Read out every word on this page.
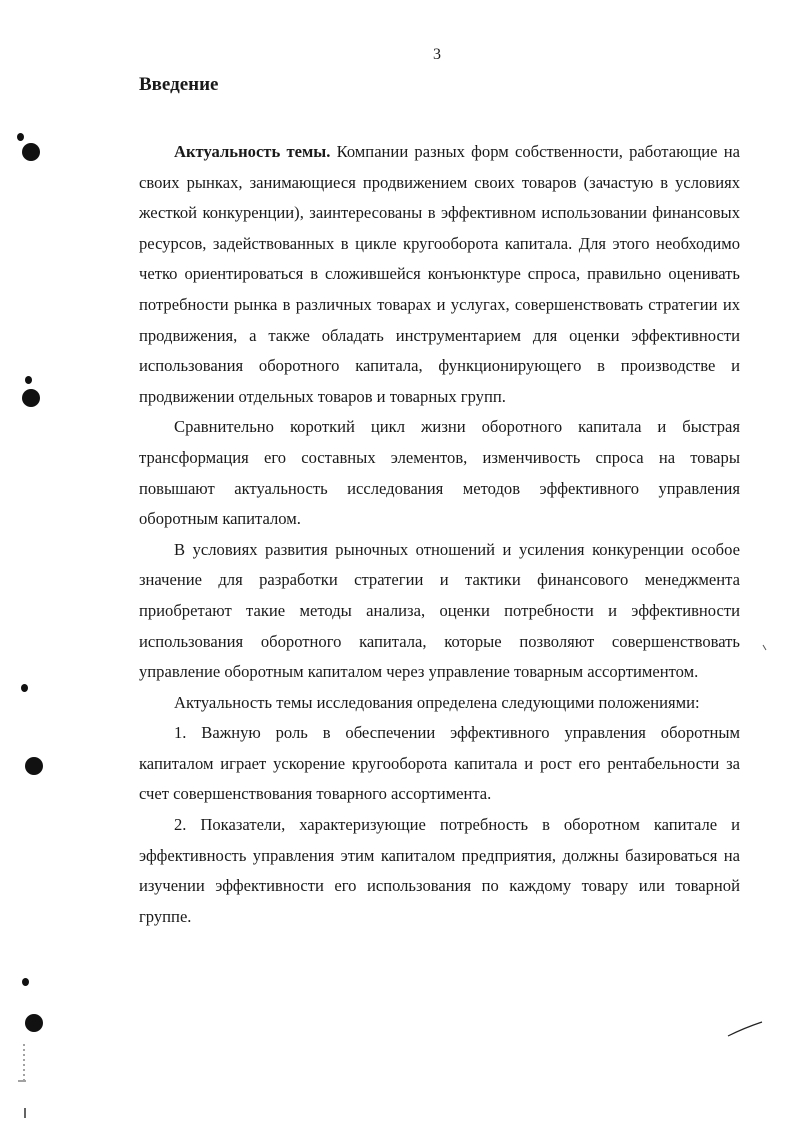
3
Введение

Актуальность темы. Компании разных форм собственности, работающие на своих рынках, занимающиеся продвижением своих товаров (зачастую в условиях жесткой конкуренции), заинтересованы в эффективном использовании финансовых ресурсов, задействованных в цикле кругооборота капитала. Для этого необходимо четко ориентироваться в сложившейся конъюнктуре спроса, правильно оценивать потребности рынка в различных товарах и услугах, совершенствовать стратегии их продвижения, а также обладать инструментарием для оценки эффективности использования оборотного капитала, функционирующего в производстве и продвижении отдельных товаров и товарных групп.

Сравнительно короткий цикл жизни оборотного капитала и быстрая трансформация его составных элементов, изменчивость спроса на товары повышают актуальность исследования методов эффективного управления оборотным капиталом.

В условиях развития рыночных отношений и усиления конкуренции особое значение для разработки стратегии и тактики финансового менеджмента приобретают такие методы анализа, оценки потребности и эффективности использования оборотного капитала, которые позволяют совершенствовать управление оборотным капиталом через управление товарным ассортиментом.

Актуальность темы исследования определена следующими положениями:

1. Важную роль в обеспечении эффективного управления оборотным капиталом играет ускорение кругооборота капитала и рост его рентабельности за счет совершенствования товарного ассортимента.

2. Показатели, характеризующие потребность в оборотном капитале и эффективность управления этим капиталом предприятия, должны базироваться на изучении эффективности его использования по каждому товару или товарной группе.
